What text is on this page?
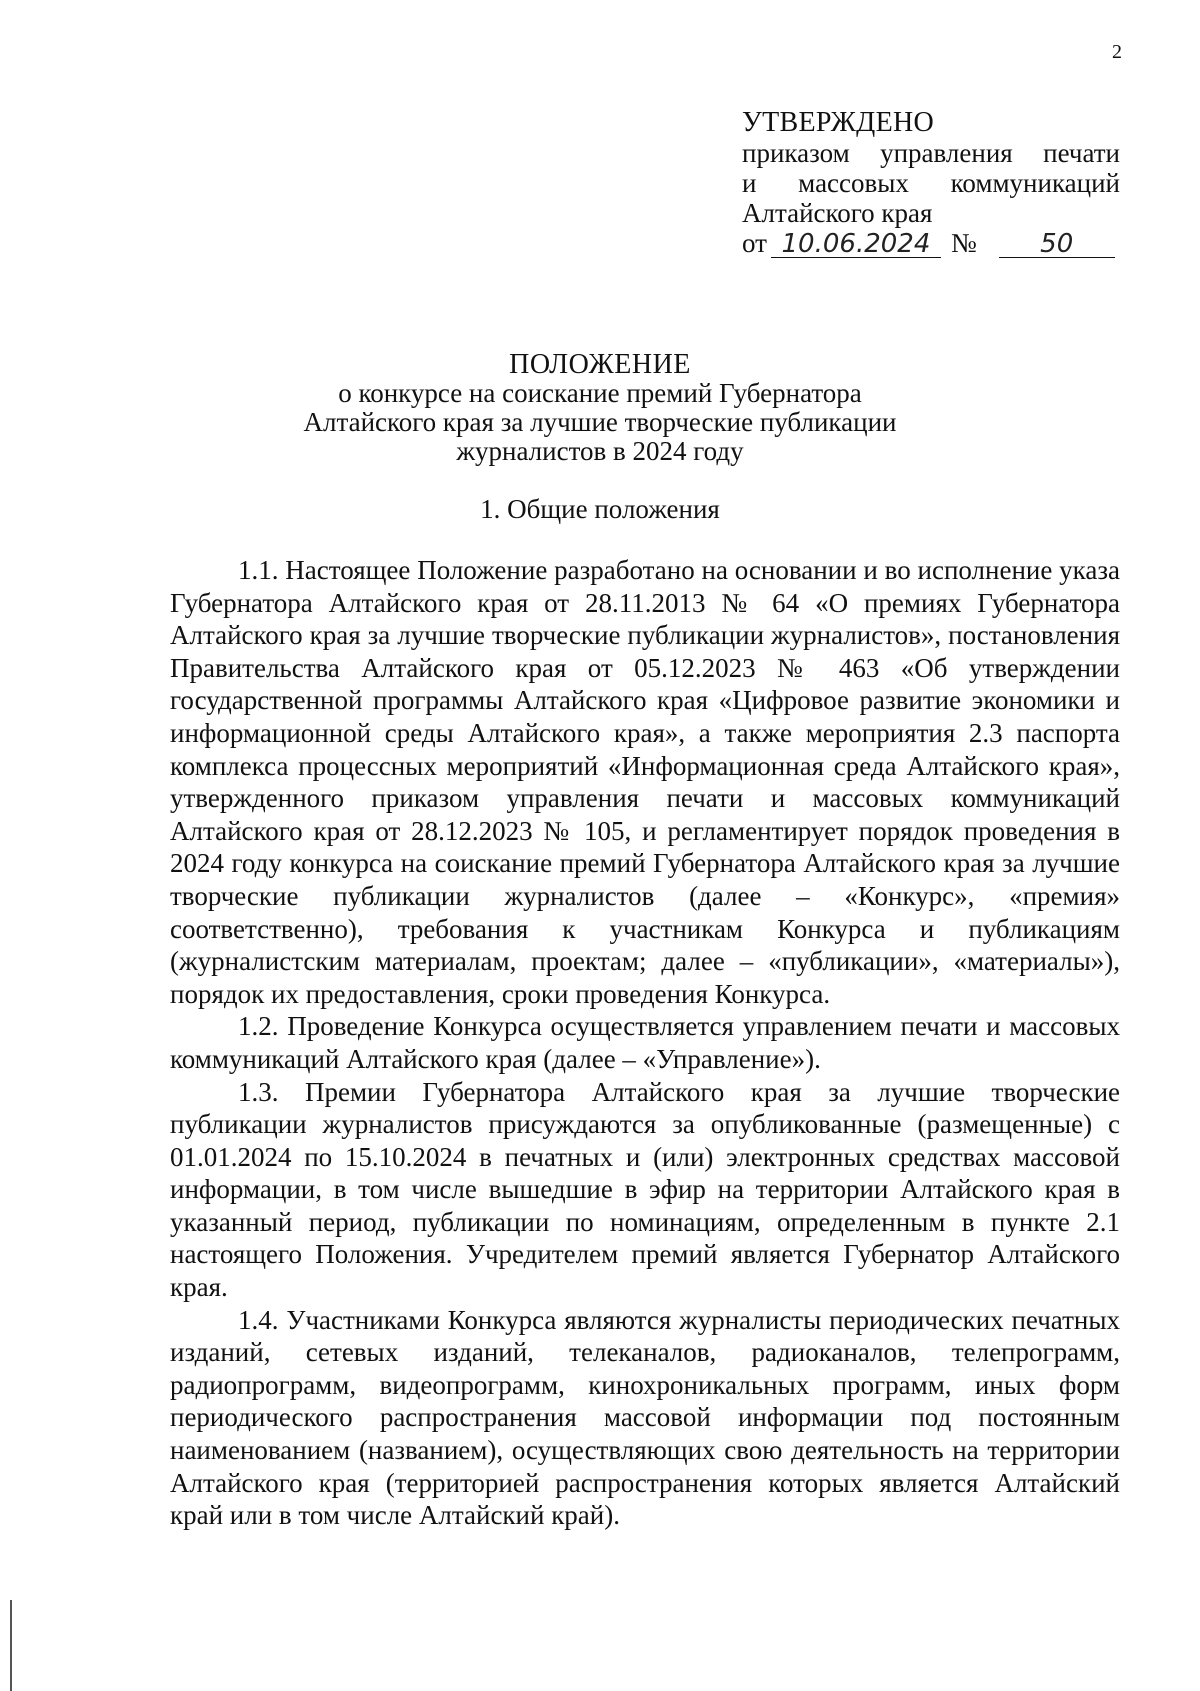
2
УТВЕРЖДЕНО
приказом управления печати
и массовых коммуникаций
Алтайского края
от 10.06.2024 № 50
ПОЛОЖЕНИЕ
о конкурсе на соискание премий Губернатора
Алтайского края за лучшие творческие публикации
журналистов в 2024 году
1. Общие положения

1.1. Настоящее Положение разработано на основании и во исполнение указа Губернатора Алтайского края от 28.11.2013 № 64 «О премиях Губернатора Алтайского края за лучшие творческие публикации журналистов», постановления Правительства Алтайского края от 05.12.2023 № 463 «Об утверждении государственной программы Алтайского края «Цифровое развитие экономики и информационной среды Алтайского края», а также мероприятия 2.3 паспорта комплекса процессных мероприятий «Информационная среда Алтайского края», утвержденного приказом управления печати и массовых коммуникаций Алтайского края от 28.12.2023 № 105, и регламентирует порядок проведения в 2024 году конкурса на соискание премий Губернатора Алтайского края за лучшие творческие публикации журналистов (далее – «Конкурс», «премия» соответственно), требования к участникам Конкурса и публикациям (журналистским материалам, проектам; далее – «публикации», «материалы»), порядок их предоставления, сроки проведения Конкурса.

1.2. Проведение Конкурса осуществляется управлением печати и массовых коммуникаций Алтайского края (далее – «Управление»).

1.3. Премии Губернатора Алтайского края за лучшие творческие публикации журналистов присуждаются за опубликованные (размещенные) с 01.01.2024 по 15.10.2024 в печатных и (или) электронных средствах массовой информации, в том числе вышедшие в эфир на территории Алтайского края в указанный период, публикации по номинациям, определенным в пункте 2.1 настоящего Положения. Учредителем премий является Губернатор Алтайского края.

1.4. Участниками Конкурса являются журналисты периодических печатных изданий, сетевых изданий, телеканалов, радиоканалов, телепрограмм, радиопрограмм, видеопрограмм, кинохроникальных программ, иных форм периодического распространения массовой информации под постоянным наименованием (названием), осуществляющих свою деятельность на территории Алтайского края (территорией распространения которых является Алтайский край или в том числе Алтайский край).
